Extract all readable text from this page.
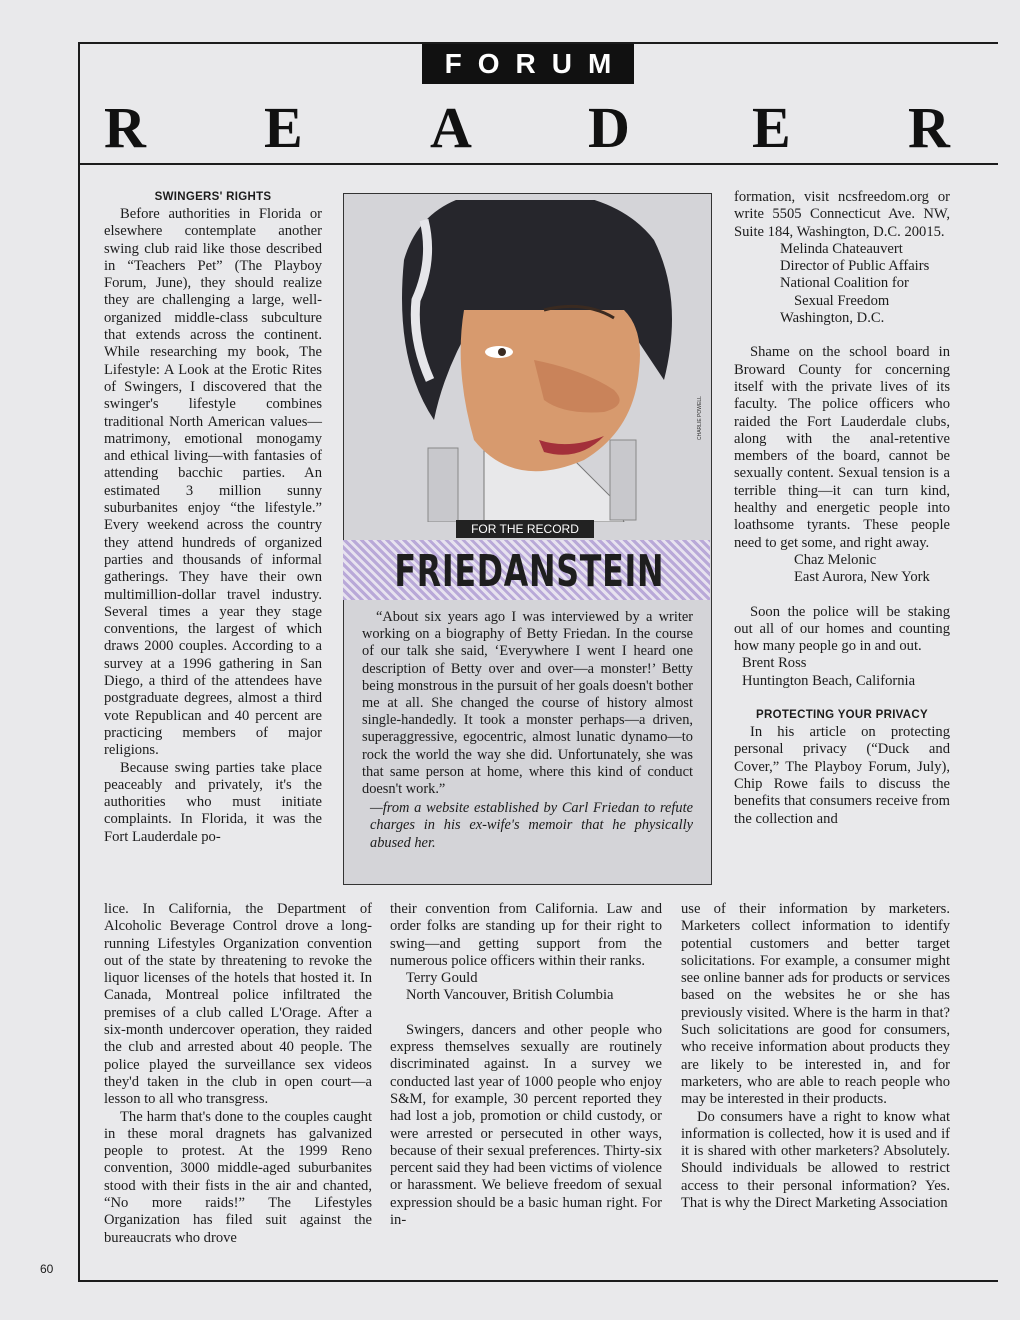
FORUM
R E A D E R
CHARLIE POWELL
FOR THE RECORD
FRIEDANSTEIN

“About six years ago I was interviewed by a writer working on a biography of Betty Friedan. In the course of our talk she said, ‘Everywhere I went I heard one description of Betty over and over—a monster!’ Betty being monstrous in the pursuit of her goals doesn't bother me at all. She changed the course of history almost single-handedly. It took a monster perhaps—a driven, superaggressive, egocentric, almost lunatic dynamo—to rock the world the way she did. Unfortunately, she was that same person at home, where this kind of conduct doesn't work.”

—from a website established by Carl Friedan to refute charges in his ex-wife's memoir that he physically abused her.

SWINGERS' RIGHTS

Before authorities in Florida or elsewhere contemplate another swing club raid like those described in “Teachers Pet” (The Playboy Forum, June), they should realize they are challenging a large, well-organized middle-class subculture that extends across the continent. While researching my book, The Lifestyle: A Look at the Erotic Rites of Swingers, I discovered that the swinger's lifestyle combines traditional North American values—matrimony, emotional monogamy and ethical living—with fantasies of attending bacchic parties. An estimated 3 million sunny suburbanites enjoy “the lifestyle.” Every weekend across the country they attend hundreds of organized parties and thousands of informal gatherings. They have their own multimillion-dollar travel industry. Several times a year they stage conventions, the largest of which draws 2000 couples. According to a survey at a 1996 gathering in San Diego, a third of the attendees have postgraduate degrees, almost a third vote Republican and 40 percent are practicing members of major religions.

Because swing parties take place peaceably and privately, it's the authorities who must initiate complaints. In Florida, it was the Fort Lauderdale po-

lice. In California, the Department of Alcoholic Beverage Control drove a long-running Lifestyles Organization convention out of the state by threatening to revoke the liquor licenses of the hotels that hosted it. In Canada, Montreal police infiltrated the premises of a club called L'Orage. After a six-month undercover operation, they raided the club and arrested about 40 people. The police played the surveillance sex videos they'd taken in the club in open court—a lesson to all who transgress.

The harm that's done to the couples caught in these moral dragnets has galvanized people to protest. At the 1999 Reno convention, 3000 middle-aged suburbanites stood with their fists in the air and chanted, “No more raids!” The Lifestyles Organization has filed suit against the bureaucrats who drove

their convention from California. Law and order folks are standing up for their right to swing—and getting support from the numerous police officers within their ranks.

Terry Gould

North Vancouver, British Columbia

Swingers, dancers and other people who express themselves sexually are routinely discriminated against. In a survey we conducted last year of 1000 people who enjoy S&M, for example, 30 percent reported they had lost a job, promotion or child custody, or were arrested or persecuted in other ways, because of their sexual preferences. Thirty-six percent said they had been victims of violence or harassment. We believe freedom of sexual expression should be a basic human right. For in-

formation, visit ncsfreedom.org or write 5505 Connecticut Ave. NW, Suite 184, Washington, D.C. 20015.

Melinda Chateauvert

Director of Public Affairs

National Coalition for

Sexual Freedom

Washington, D.C.

Shame on the school board in Broward County for concerning itself with the private lives of its faculty. The police officers who raided the Fort Lauderdale clubs, along with the anal-retentive members of the board, cannot be sexually content. Sexual tension is a terrible thing—it can turn kind, healthy and energetic people into loathsome tyrants. These people need to get some, and right away.

Chaz Melonic

East Aurora, New York

Soon the police will be staking out all of our homes and counting how many people go in and out.

Brent Ross

Huntington Beach, California

PROTECTING YOUR PRIVACY

In his article on protecting personal privacy (“Duck and Cover,” The Playboy Forum, July), Chip Rowe fails to discuss the benefits that consumers receive from the collection and

use of their information by marketers. Marketers collect information to identify potential customers and better target solicitations. For example, a consumer might see online banner ads for products or services based on the websites he or she has previously visited. Where is the harm in that? Such solicitations are good for consumers, who receive information about products they are likely to be interested in, and for marketers, who are able to reach people who may be interested in their products.

Do consumers have a right to know what information is collected, how it is used and if it is shared with other marketers? Absolutely. Should individuals be allowed to restrict access to their personal information? Yes. That is why the Direct Marketing Association

60
